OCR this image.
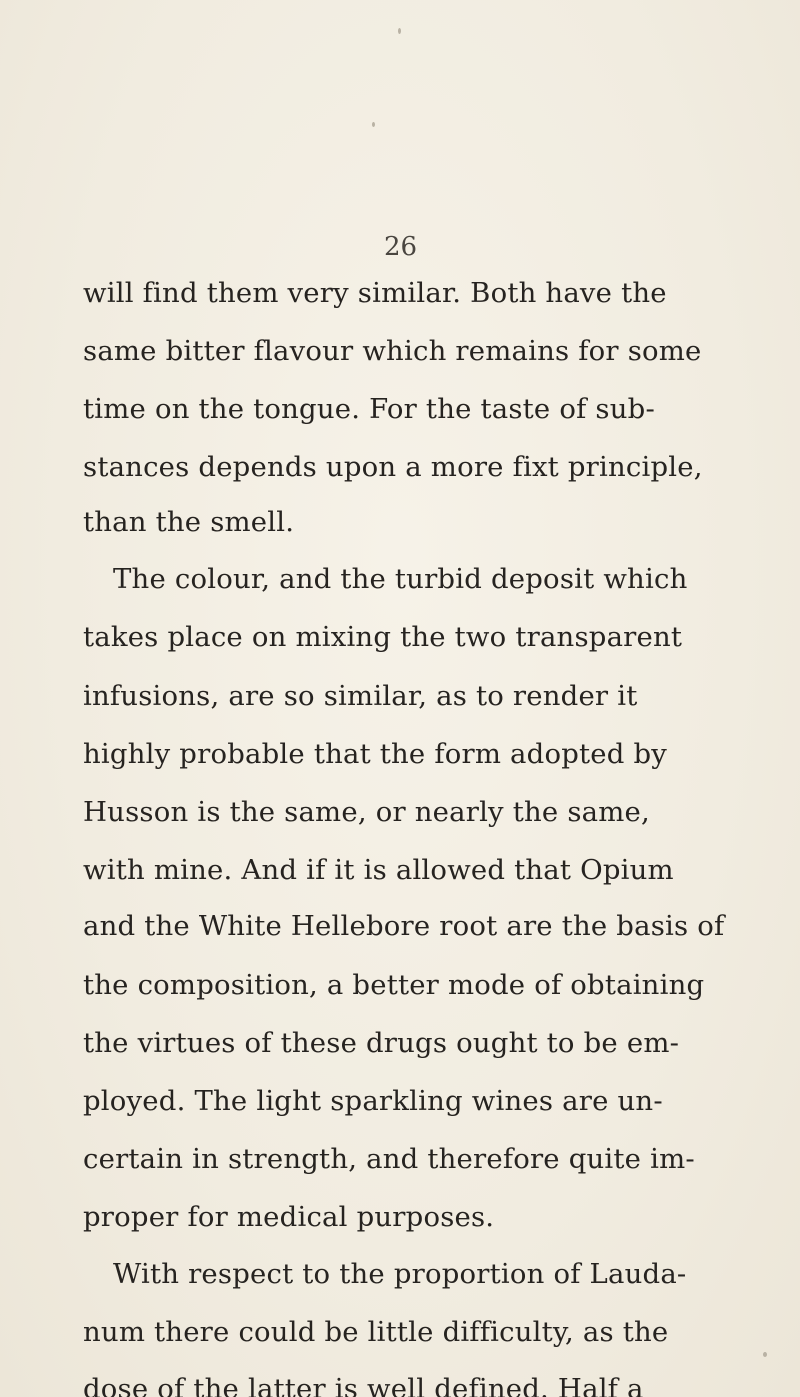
26
will find them very similar. Both have the
same bitter flavour which remains for some
time on the tongue. For the taste of sub-
stances depends upon a more fixt principle,
than the smell.
The colour, and the turbid deposit which
takes place on mixing the two transparent
infusions, are so similar, as to render it
highly probable that the form adopted by
Husson is the same, or nearly the same,
with mine. And if it is allowed that Opium
and the White Hellebore root are the basis of
the composition, a better mode of obtaining
the virtues of these drugs ought to be em-
ployed. The light sparkling wines are un-
certain in strength, and therefore quite im-
proper for medical purposes.
With respect to the proportion of Lauda-
num there could be little difficulty, as the
dose of the latter is well defined. Half a
